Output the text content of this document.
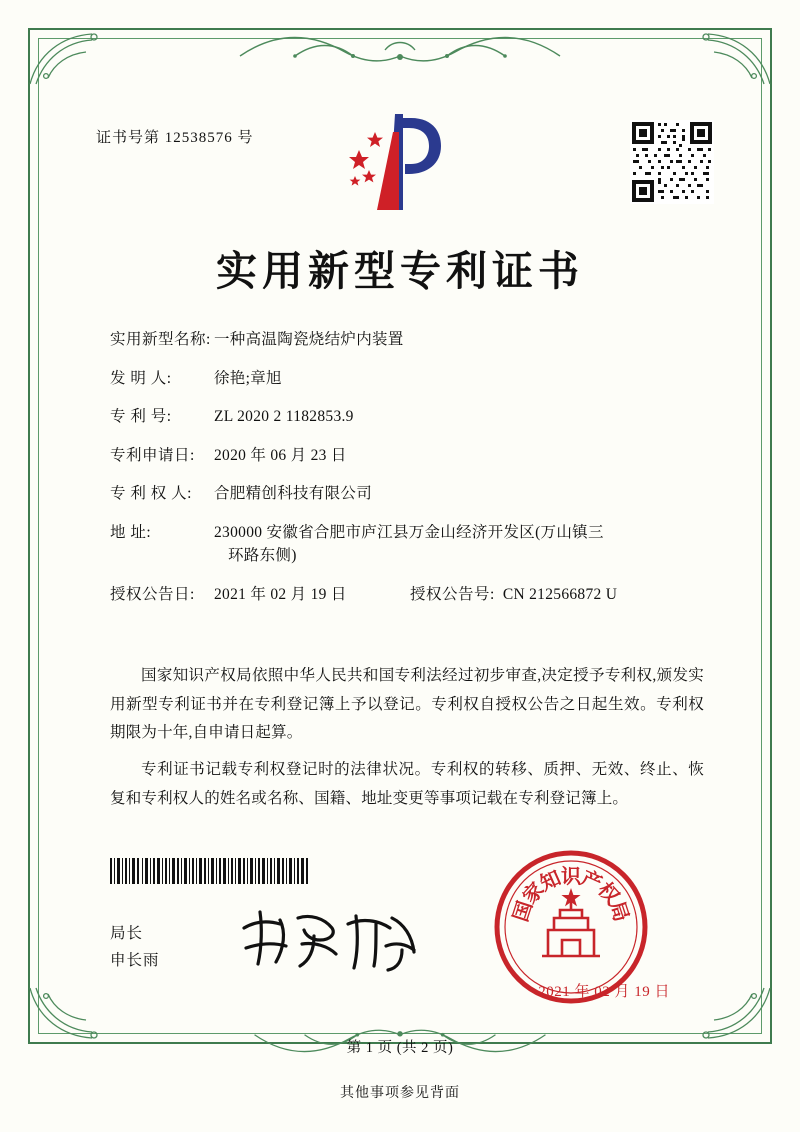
证书号第 12538576 号
实用新型专利证书
实用新型名称: 一种高温陶瓷烧结炉内装置
发 明 人:	徐艳;章旭
专 利 号:	ZL 2020 2 1182853.9
专利申请日:	2020 年 06 月 23 日
专 利 权 人:	合肥精创科技有限公司
地 址:	230000 安徽省合肥市庐江县万金山经济开发区(万山镇三
环路东侧)
授权公告日:	2021 年 02 月 19 日	授权公告号: CN 212566872 U

国家知识产权局依照中华人民共和国专利法经过初步审查,决定授予专利权,颁发实用新型专利证书并在专利登记簿上予以登记。专利权自授权公告之日起生效。专利权期限为十年,自申请日起算。

专利证书记载专利权登记时的法律状况。专利权的转移、质押、无效、终止、恢复和专利权人的姓名或名称、国籍、地址变更等事项记载在专利登记簿上。

局长
申长雨
国
家
知
识
产
权
局
2021 年 02 月 19 日
第 1 页 (共 2 页)
其他事项参见背面
